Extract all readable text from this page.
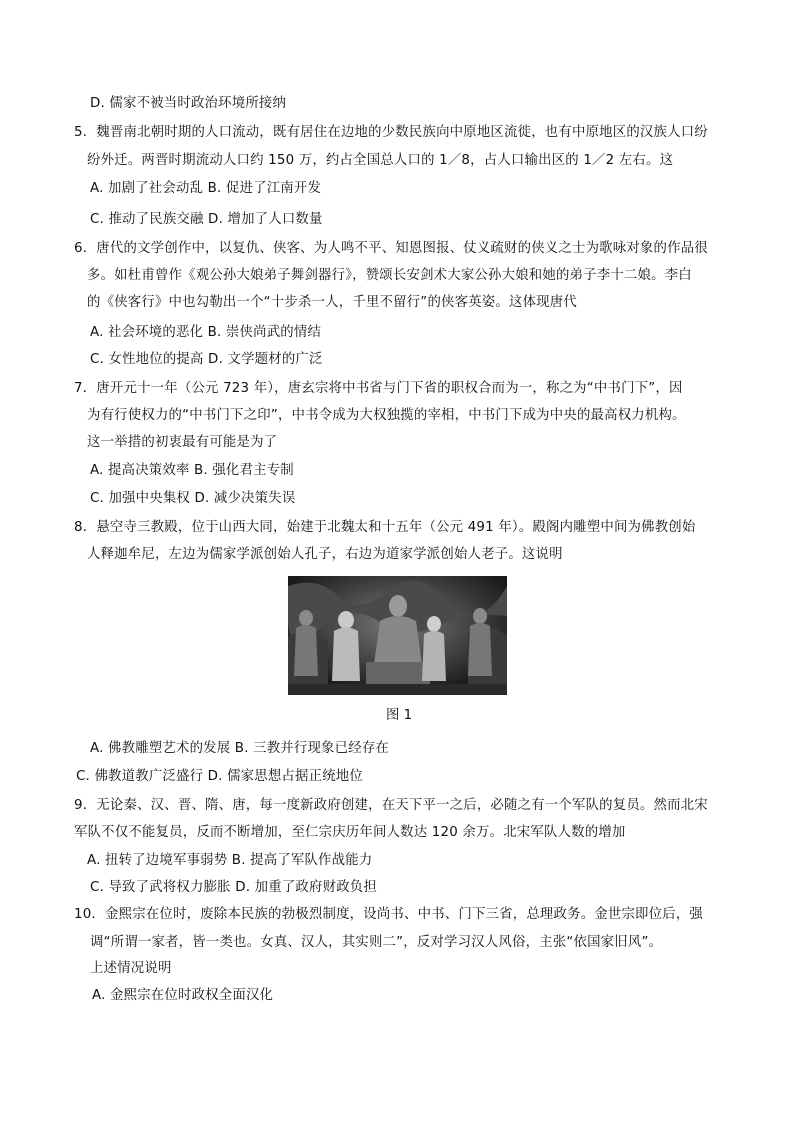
D. 儒家不被当时政治环境所接纳
5．魏晋南北朝时期的人口流动，既有居住在边地的少数民族向中原地区流徙，也有中原地区的汉族人口纷
纷外迁。两晋时期流动人口约 150 万，约占全国总人口的 1／8，占人口输出区的 1／2 左右。这
A. 加剧了社会动乱 B. 促进了江南开发
C. 推动了民族交融 D. 增加了人口数量
6．唐代的文学创作中，以复仇、侠客、为人鸣不平、知恩图报、仗义疏财的侠义之士为歌咏对象的作品很
多。如杜甫曾作《观公孙大娘弟子舞剑器行》，赞颂长安剑术大家公孙大娘和她的弟子李十二娘。李白
的《侠客行》中也勾勒出一个“十步杀一人，千里不留行”的侠客英姿。这体现唐代
A. 社会环境的恶化 B. 崇侠尚武的情结
C. 女性地位的提高 D. 文学题材的广泛
7．唐开元十一年（公元 723 年），唐玄宗将中书省与门下省的职权合而为一，称之为“中书门下”，因
为有行使权力的“中书门下之印”，中书令成为大权独揽的宰相，中书门下成为中央的最高权力机构。
这一举措的初衷最有可能是为了
A. 提高决策效率 B. 强化君主专制
C. 加强中央集权 D. 减少决策失误
8．悬空寺三教殿，位于山西大同，始建于北魏太和十五年（公元 491 年）。殿阁内雕塑中间为佛教创始
人释迦牟尼，左边为儒家学派创始人孔子，右边为道家学派创始人老子。这说明
图 1
A. 佛教雕塑艺术的发展 B. 三教并行现象已经存在
C. 佛教道教广泛盛行 D. 儒家思想占据正统地位
9．无论秦、汉、晋、隋、唐，每一度新政府创建，在天下平一之后，必随之有一个军队的复员。然而北宋
军队不仅不能复员，反而不断增加，至仁宗庆历年间人数达 120 余万。北宋军队人数的增加
A. 扭转了边境军事弱势 B. 提高了军队作战能力
C. 导致了武将权力膨胀 D. 加重了政府财政负担
10．金熙宗在位时，废除本民族的勃极烈制度，设尚书、中书、门下三省，总理政务。金世宗即位后，强
调“所谓一家者，皆一类也。女真、汉人，其实则二”，反对学习汉人风俗，主张“依国家旧风”。
上述情况说明
A. 金熙宗在位时政权全面汉化
